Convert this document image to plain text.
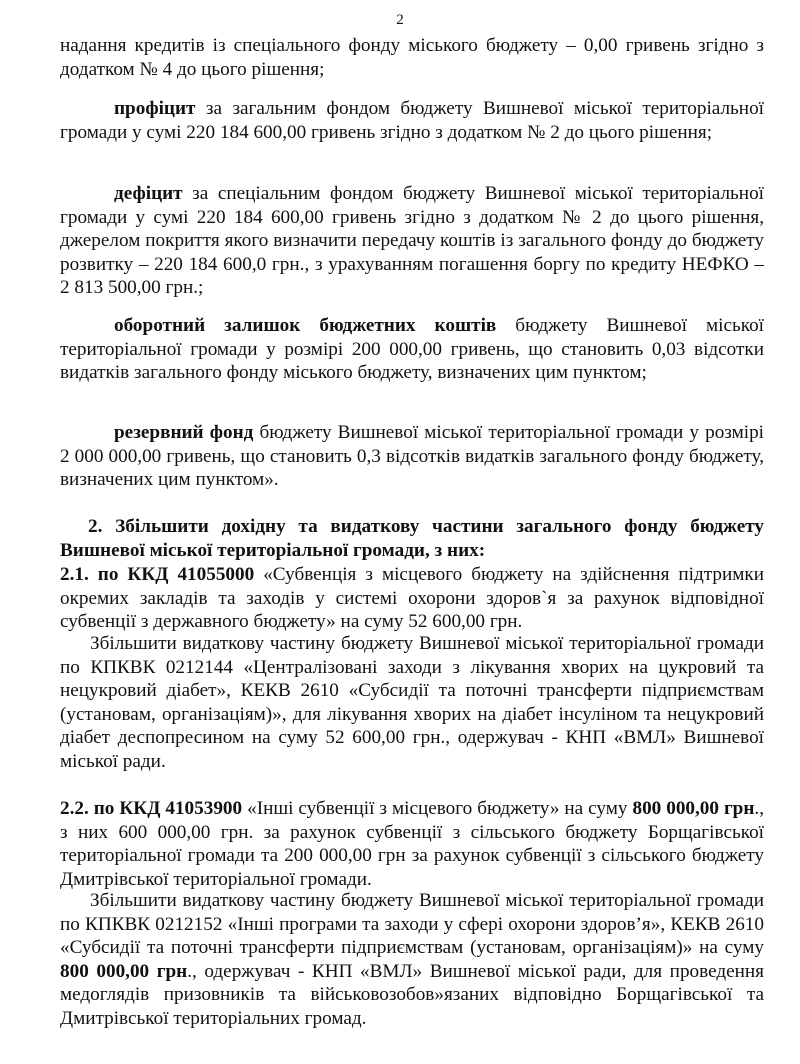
2

надання кредитів із спеціального фонду міського бюджету – 0,00 гривень згідно з додатком № 4 до цього рішення;

профіцит за загальним фондом бюджету Вишневої міської територіальної громади у сумі 220 184 600,00 гривень згідно з додатком № 2 до цього рішення;

дефіцит за спеціальним фондом бюджету Вишневої міської територіальної громади у сумі 220 184 600,00 гривень згідно з додатком № 2 до цього рішення, джерелом покриття якого визначити передачу коштів із загального фонду до бюджету розвитку – 220 184 600,0 грн., з урахуванням погашення боргу по кредиту НЕФКО – 2 813 500,00 грн.;

оборотний залишок бюджетних коштів бюджету Вишневої міської територіальної громади у розмірі 200 000,00 гривень, що становить 0,03 відсотки видатків загального фонду міського бюджету, визначених цим пунктом;

резервний фонд бюджету Вишневої міської територіальної громади у розмірі 2 000 000,00 гривень, що становить 0,3 відсотків видатків загального фонду бюджету, визначених цим пунктом».

2. Збільшити дохідну та видаткову частини загального фонду бюджету Вишневої міської територіальної громади, з них:

2.1. по ККД 41055000 «Субвенція з місцевого бюджету на здійснення підтримки окремих закладів та заходів у системі охорони здоров`я за рахунок відповідної субвенції з державного бюджету» на суму 52 600,00 грн.

Збільшити видаткову частину бюджету Вишневої міської територіальної громади по КПКВК 0212144 «Централізовані заходи з лікування хворих на цукровий та нецукровий діабет», КЕКВ 2610 «Субсидії та поточні трансферти підприємствам (установам, організаціям)», для лікування хворих на діабет інсуліном та нецукровий діабет деспопресином на суму 52 600,00 грн., одержувач - КНП «ВМЛ» Вишневої міської ради.

2.2. по ККД 41053900 «Інші субвенції з місцевого бюджету» на суму 800 000,00 грн., з них 600 000,00 грн. за рахунок субвенції з сільського бюджету Борщагівської територіальної громади та 200 000,00 грн за рахунок субвенції з сільського бюджету Дмитрівської територіальної громади.

Збільшити видаткову частину бюджету Вишневої міської територіальної громади по КПКВК 0212152 «Інші програми та заходи у сфері охорони здоров’я», КЕКВ 2610 «Субсидії та поточні трансферти підприємствам (установам, організаціям)» на суму 800 000,00 грн., одержувач - КНП «ВМЛ» Вишневої міської ради, для проведення медоглядів призовників та військовозобов»язаних відповідно Борщагівської та Дмитрівської територіальних громад.
